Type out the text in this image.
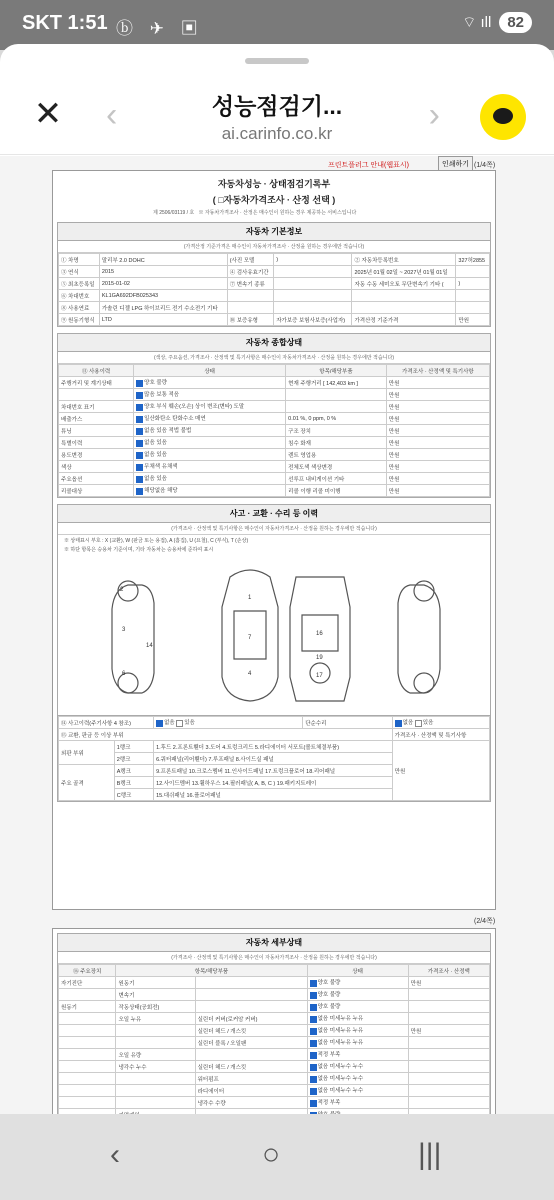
SKT 1:51 ⓑ ✈ ▣	⌔ ıll	82
✕ ‹	성능점검기...
ai.carinfo.co.kr	›
프린트플러그 안내(웹표시)	인쇄하기 (1/4쪽)
자동차성능 · 상태점검기록부
( □자동차가격조사 · 산정 선택 )
제 2506/03119 / 호 ※ 자동차가격조사 · 산정은 매수인이 원하는 경우 제공하는 서비스입니다
자동차 기본정보
(가격산정 기준가격은 매수인이 자동차가격조사 · 산정을 원하는 경우에만 적습니다)
① 차명	말리부 2.0 DOHC	(사진 모델	)	② 자동차등록번호	327허2855
③ 연식	2015	④ 검사유효기간		2025년 01월 02일 ~ 2027년 01월 01일	
⑤ 최초등록일	2015-01-02	⑦ 변속기 종류		자동 수동 세미오토 무단변속기 기타 (	)
⑥ 차대번호	KL1GA692DFB025343				
⑧ 사용연료	가솔린 디젤 LPG 하이브리드 전기 수소전기 기타				
⑨ 원동기형식	LTD	⑩ 보증유형	자가보증 보험사보증(사업자)	가격산정 기준가격	만원
자동차 종합상태
(색상, 주요옵션, 가격조사 · 산정액 및 특기사항은 매수인이 자동차가격조사 · 산정을 원하는 경우에만 적습니다)
⑪ 사용이력	상태	항목/해당부품	가격조사 · 산정액 및 특기사항
주행거리 및 계기상태	양호 불량	현재 주행거리 [ 142,403 km ]	만원
	많음 보통 적음		만원
차대번호 표기	양호 부식 훼손(오손) 상이 변조(변타) 도말		만원
배출가스	일산화탄소 탄화수소 매연	0.01 %, 0 ppm, 0 %	만원
튜닝	없음 있음 적법 불법	구조 장치	만원
특별이력	없음 있음	침수 화재	만원
용도변경	없음 있음	렌트 영업용	만원
색상	무채색 유채색	전체도색 색상변경	만원
주요옵션	없음 있음	선루프 내비게이션 기타	만원
리콜대상	해당없음 해당	리콜 이행 리콜 미이행	만원
사고 · 교환 · 수리 등 이력
(가격조사 · 산정액 및 특기사항은 매수인이 자동차가격조사 · 산정을 원하는 경우에만 적습니다)
※ 상태표시 부호 : X (교환), W (판금 또는 용접), A (흠집), U (요철), C (부식), T (손상)
※ 하단 항목은 승용차 기준이며, 기타 자동차는 승용차에 준하여 표시
1
2
3
4
6
7
14
16
17
19
⑭ 사고이력(주기사항 4 참조)		없음 있음	단순수리	없음 있음
⑮ 교환, 판금 등 이상 부위				가격조사 · 산정액 및 특기사항
외판 부위	1랭크	1.후드 2.프론트휀더 3.도어 4.트렁크리드 5.라디에이터 서포트(볼트체결부품)		만원
	2랭크	6.쿼터패널(리어휀더) 7.루프패널 8.사이드실 패널		
주요 골격	A랭크	9.프론트패널 10.크로스멤버 11.인사이드패널 17.트렁크플로어 18.리어패널		
	B랭크	12.사이드멤버 13.휠하우스 14.필러패널( A, B, C ) 19.패키지트레이		
	C랭크	15.대쉬패널 16.플로어패널		
(2/4쪽)
자동차 세부상태
(가격조사 · 산정액 및 특기사항은 매수인이 자동차가격조사 · 산정을 원하는 경우에만 적습니다)
⑯ 주요장치	항목/해당부품		상태	가격조사 · 산정액
자기진단	원동기		양호 불량	만원
	변속기		양호 불량	
원동기	작동상태(공회전)		양호 불량	
	오일 누유	실린더 커버(로커암 커버)	없음 미세누유 누유	
		실린더 헤드 / 개스킷	없음 미세누유 누유	만원
		실린더 블록 / 오일팬	없음 미세누유 누유	
	오일 유량		적정 부족	
	냉각수 누수	실린더 헤드 / 개스킷	없음 미세누수 누수	
		워터펌프	없음 미세누수 누수	
		라디에이터	없음 미세누수 누수	
		냉각수 수량	적정 부족	

‹	○	|||
